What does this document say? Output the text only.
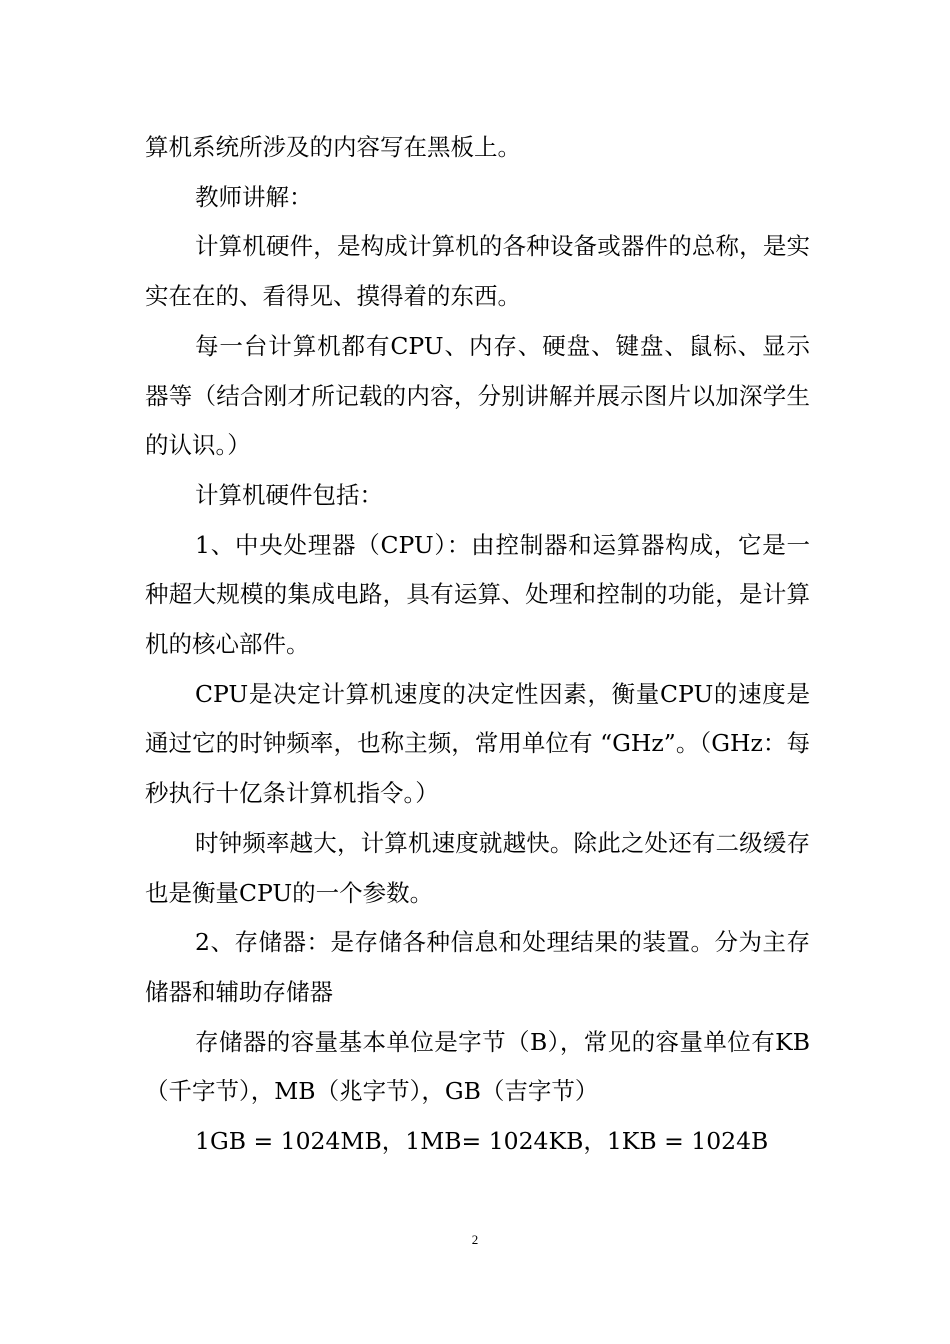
算机系统所涉及的内容写在黑板上。

教师讲解：

计算机硬件，是构成计算机的各种设备或器件的总称，是实实在在的、看得见、摸得着的东西。

每一台计算机都有CPU、内存、硬盘、键盘、鼠标、显示器等（结合刚才所记载的内容，分别讲解并展示图片以加深学生的认识。）

计算机硬件包括：

1、中央处理器（CPU）：由控制器和运算器构成，它是一种超大规模的集成电路，具有运算、处理和控制的功能，是计算机的核心部件。

CPU是决定计算机速度的决定性因素，衡量CPU的速度是通过它的时钟频率，也称主频，常用单位有 “GHz”。（GHz：每秒执行十亿条计算机指令。）

时钟频率越大，计算机速度就越快。除此之处还有二级缓存也是衡量CPU的一个参数。

2、存储器：是存储各种信息和处理结果的装置。分为主存储器和辅助存储器

存储器的容量基本单位是字节（B），常见的容量单位有KB（千字节），MB（兆字节），GB（吉字节）

1GB = 1024MB，1MB= 1024KB，1KB = 1024B

2
